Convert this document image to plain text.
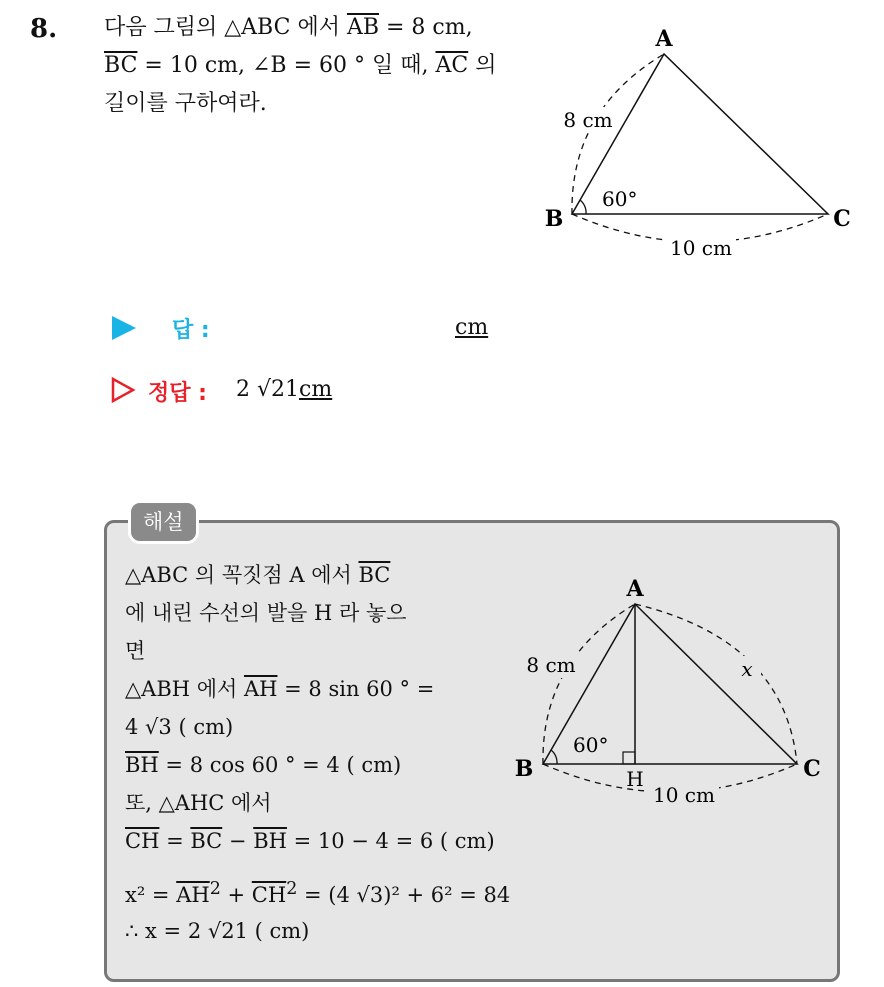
8. 다음 그림의 △ABC 에서 $\overline{AB} = 8$ cm,
$\overline{BC} = 10$ cm, ∠B = 60 ° 일 때, $\overline{AC}$ 의
길이를 구하여라.
A
B	C
8 cm
10 cm
60°
답 :	cm
정답 : 2 √21cm
해설
△ABC 의 꼭짓점 A 에서 $\overline{BC}$
에 내린 수선의 발을 H 라 놓으
면
△ABH 에서 $\overline{AH} = 8$ sin 60 ° =
4 √3 ( cm)
$\overline{BH} = 8$ cos 60 ° = 4 ( cm)
또, △AHC 에서
$\overline{CH} = \overline{BC} - \overline{BH} = 10 - 4 = 6$ ( cm)
$x^2 = \overline{AH}^2 + \overline{CH}^2 = (4$ √3)² + 6² = 84
∴ x = 2 √21 ( cm)
A
B	C
H
8 cm	x
10 cm
60°
